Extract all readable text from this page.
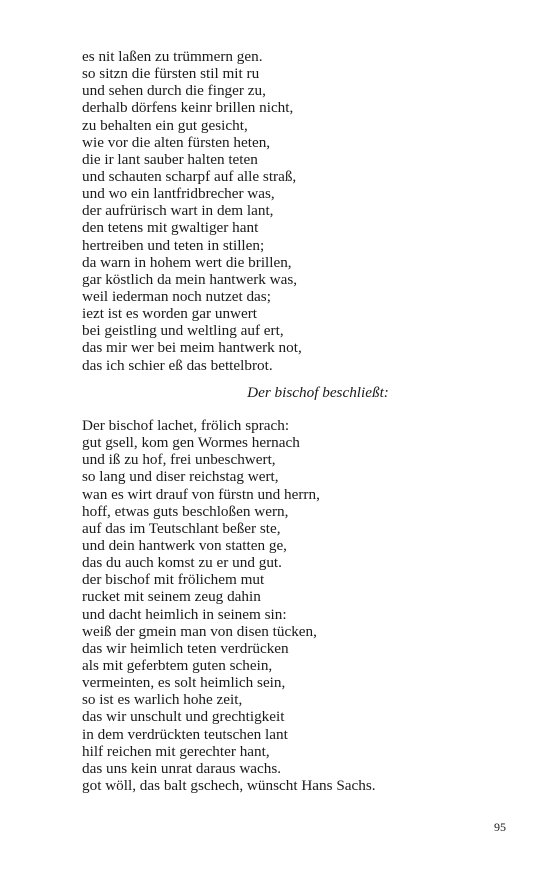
es nit laßen zu trümmern gen.
so sitzn die fürsten stil mit ru
und sehen durch die finger zu,
derhalb dörfens keinr brillen nicht,
zu behalten ein gut gesicht,
wie vor die alten fürsten heten,
die ir lant sauber halten teten
und schauten scharpf auf alle straß,
und wo ein lantfridbrecher was,
der aufrürisch wart in dem lant,
den tetens mit gwaltiger hant
hertreiben und teten in stillen;
da warn in hohem wert die brillen,
gar köstlich da mein hantwerk was,
weil iederman noch nutzet das;
iezt ist es worden gar unwert
bei geistling und weltling auf ert,
das mir wer bei meim hantwerk not,
das ich schier eß das bettelbrot.
Der bischof beschließt:
Der bischof lachet, frölich sprach:
gut gsell, kom gen Wormes hernach
und iß zu hof, frei unbeschwert,
so lang und diser reichstag wert,
wan es wirt drauf von fürstn und herrn,
hoff, etwas guts beschloßen wern,
auf das im Teutschlant beßer ste,
und dein hantwerk von statten ge,
das du auch komst zu er und gut.
der bischof mit frölichem mut
rucket mit seinem zeug dahin
und dacht heimlich in seinem sin:
weiß der gmein man von disen tücken,
das wir heimlich teten verdrücken
als mit geferbtem guten schein,
vermeinten, es solt heimlich sein,
so ist es warlich hohe zeit,
das wir unschult und grechtigkeit
in dem verdrückten teutschen lant
hilf reichen mit gerechter hant,
das uns kein unrat daraus wachs.
got wöll, das balt gschech, wünscht Hans Sachs.
95
